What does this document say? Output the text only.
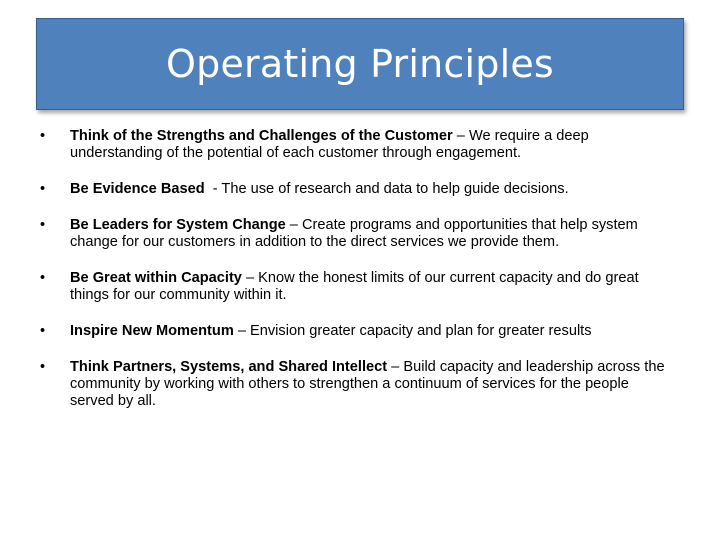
Operating Principles
• Think of the Strengths and Challenges of the Customer – We require a deep understanding of the potential of each customer through engagement.
• Be Evidence Based  - The use of research and data to help guide decisions.
• Be Leaders for System Change – Create programs and opportunities that help system change for our customers in addition to the direct services we provide them.
• Be Great within Capacity – Know the honest limits of our current capacity and do great things for our community within it.
• Inspire New Momentum – Envision greater capacity and plan for greater results
• Think Partners, Systems, and Shared Intellect – Build capacity and leadership across the community by working with others to strengthen a continuum of services for the people served by all.
